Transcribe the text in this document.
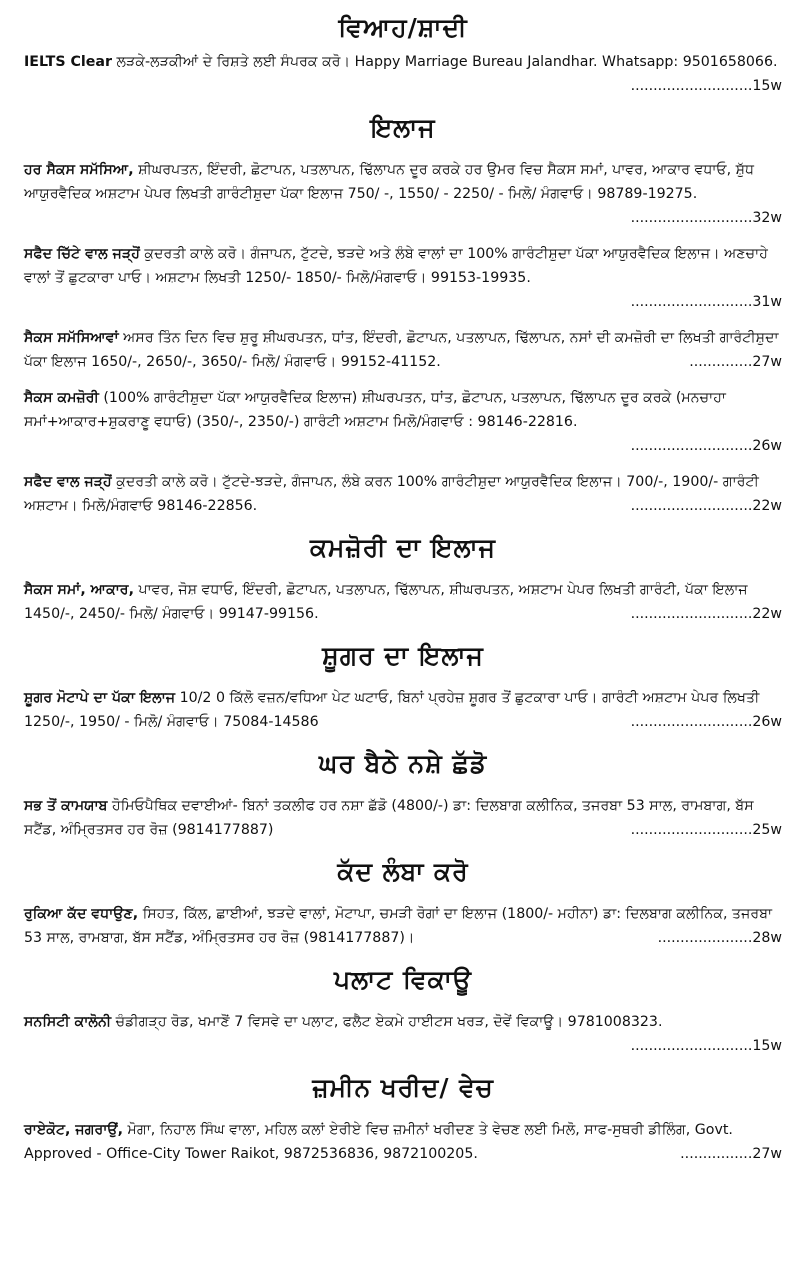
ਵਿਆਹ/ਸ਼ਾਦੀ
IELTS Clear ਲੜਕੇ-ਲੜਕੀਆਂ ਦੇ ਰਿਸ਼ਤੇ ਲਈ ਸੰਪਰਕ ਕਰੋ। Happy Marriage Bureau Jalandhar. Whatsapp: 9501658066.
...........................15w
ਇਲਾਜ
ਹਰ ਸੈਕਸ ਸਮੱਸਿਆ, ਸ਼ੀਘਰਪਤਨ, ਇੰਦਰੀ, ਛੋਟਾਪਨ, ਪਤਲਾਪਨ, ਢਿੱਲਾਪਨ ਦੂਰ ਕਰਕੇ ਹਰ ਉਮਰ ਵਿਚ ਸੈਕਸ ਸਮਾਂ, ਪਾਵਰ, ਆਕਾਰ ਵਧਾਓ, ਸ਼ੁੱਧ ਆਯੁਰਵੈਦਿਕ ਅਸ਼ਟਾਮ ਪੇਪਰ ਲਿਖਤੀ ਗਾਰੰਟੀਸ਼ੁਦਾ ਪੱਕਾ ਇਲਾਜ 750/ -, 1550/ - 2250/ - ਮਿਲੋ/ ਮੰਗਵਾਓ। 98789-19275.
...........................32w
ਸਫੈਦ ਚਿੱਟੇ ਵਾਲ ਜੜ੍ਹੋਂ ਕੁਦਰਤੀ ਕਾਲੇ ਕਰੋ। ਗੰਜਾਪਨ, ਟੁੱਟਦੇ, ਝੜਦੇ ਅਤੇ ਲੰਬੇ ਵਾਲਾਂ ਦਾ 100% ਗਾਰੰਟੀਸ਼ੁਦਾ ਪੱਕਾ ਆਯੁਰਵੈਦਿਕ ਇਲਾਜ। ਅਣਚਾਹੇ ਵਾਲਾਂ ਤੋਂ ਛੁਟਕਾਰਾ ਪਾਓ। ਅਸ਼ਟਾਮ ਲਿਖਤੀ 1250/- 1850/- ਮਿਲੋ/ਮੰਗਵਾਓ। 99153-19935.
...........................31w
ਸੈਕਸ ਸਮੱਸਿਆਵਾਂ ਅਸਰ ਤਿੰਨ ਦਿਨ ਵਿਚ ਸ਼ੁਰੂ ਸ਼ੀਘਰਪਤਨ, ਧਾਂਤ, ਇੰਦਰੀ, ਛੋਟਾਪਨ, ਪਤਲਾਪਨ, ਢਿੱਲਾਪਨ, ਨਸਾਂ ਦੀ ਕਮਜ਼ੋਰੀ ਦਾ ਲਿਖਤੀ ਗਾਰੰਟੀਸ਼ੁਦਾ ਪੱਕਾ ਇਲਾਜ 1650/-, 2650/-, 3650/- ਮਿਲੋ/ ਮੰਗਵਾਓ। 99152-41152.	..............27w
ਸੈਕਸ ਕਮਜ਼ੋਰੀ (100% ਗਾਰੰਟੀਸ਼ੁਦਾ ਪੱਕਾ ਆਯੁਰਵੈਦਿਕ ਇਲਾਜ) ਸ਼ੀਘਰਪਤਨ, ਧਾਂਤ, ਛੋਟਾਪਨ, ਪਤਲਾਪਨ, ਢਿੱਲਾਪਨ ਦੂਰ ਕਰਕੇ (ਮਨਚਾਹਾ ਸਮਾਂ+ਆਕਾਰ+ਸ਼ੁਕਰਾਣੂ ਵਧਾਓ) (350/-, 2350/-) ਗਾਰੰਟੀ ਅਸ਼ਟਾਮ ਮਿਲੋ/ਮੰਗਵਾਓ : 98146-22816.
...........................26w
ਸਫੈਦ ਵਾਲ ਜੜ੍ਹੋਂ ਕੁਦਰਤੀ ਕਾਲੇ ਕਰੋ। ਟੁੱਟਦੇ-ਝੜਦੇ, ਗੰਜਾਪਨ, ਲੰਬੇ ਕਰਨ 100% ਗਾਰੰਟੀਸ਼ੁਦਾ ਆਯੁਰਵੈਦਿਕ ਇਲਾਜ। 700/-, 1900/- ਗਾਰੰਟੀ ਅਸ਼ਟਾਮ। ਮਿਲੋ/ਮੰਗਵਾਓ 98146-22856.	...........................22w
ਕਮਜ਼ੋਰੀ ਦਾ ਇਲਾਜ
ਸੈਕਸ ਸਮਾਂ, ਆਕਾਰ, ਪਾਵਰ, ਜੋਸ਼ ਵਧਾਓ, ਇੰਦਰੀ, ਛੋਟਾਪਨ, ਪਤਲਾਪਨ, ਢਿੱਲਾਪਨ, ਸ਼ੀਘਰਪਤਨ, ਅਸ਼ਟਾਮ ਪੇਪਰ ਲਿਖਤੀ ਗਾਰੰਟੀ, ਪੱਕਾ ਇਲਾਜ 1450/-, 2450/- ਮਿਲੋ/ ਮੰਗਵਾਓ। 99147-99156.	...........................22w
ਸ਼ੂਗਰ ਦਾ ਇਲਾਜ
ਸ਼ੂਗਰ ਮੋਟਾਪੇ ਦਾ ਪੱਕਾ ਇਲਾਜ 10/2 0 ਕਿੱਲੋ ਵਜ਼ਨ/ਵਧਿਆ ਪੇਟ ਘਟਾਓ, ਬਿਨਾਂ ਪ੍ਰਹੇਜ਼ ਸ਼ੂਗਰ ਤੋਂ ਛੁਟਕਾਰਾ ਪਾਓ। ਗਾਰੰਟੀ ਅਸ਼ਟਾਮ ਪੇਪਰ ਲਿਖਤੀ 1250/-, 1950/ - ਮਿਲੋ/ ਮੰਗਵਾਓ। 75084-14586	...........................26w
ਘਰ ਬੈਠੇ ਨਸ਼ੇ ਛੱਡੋ
ਸਭ ਤੋਂ ਕਾਮਯਾਬ ਹੋਮਿਓਪੈਥਿਕ ਦਵਾਈਆਂ- ਬਿਨਾਂ ਤਕਲੀਫ ਹਰ ਨਸ਼ਾ ਛੱਡੋ (4800/-) ਡਾ: ਦਿਲਬਾਗ ਕਲੀਨਿਕ, ਤਜਰਬਾ 53 ਸਾਲ, ਰਾਮਬਾਗ, ਬੱਸ ਸਟੈਂਡ, ਅੰਮ੍ਰਿਤਸਰ ਹਰ ਰੋਜ਼ (9814177887)	...........................25w
ਕੱਦ ਲੰਬਾ ਕਰੋ
ਰੁਕਿਆ ਕੱਦ ਵਧਾਉਣ, ਸਿਹਤ, ਕਿੱਲ, ਛਾਈਆਂ, ਝੜਦੇ ਵਾਲਾਂ, ਮੋਟਾਪਾ, ਚਮੜੀ ਰੋਗਾਂ ਦਾ ਇਲਾਜ (1800/- ਮਹੀਨਾ) ਡਾ: ਦਿਲਬਾਗ ਕਲੀਨਿਕ, ਤਜਰਬਾ 53 ਸਾਲ, ਰਾਮਬਾਗ, ਬੱਸ ਸਟੈਂਡ, ਅੰਮ੍ਰਿਤਸਰ ਹਰ ਰੋਜ਼ (9814177887)।	.....................28w
ਪਲਾਟ ਵਿਕਾਊ
ਸਨਸਿਟੀ ਕਾਲੋਨੀ ਚੰਡੀਗੜ੍ਹ ਰੋਡ, ਖਮਾਣੋਂ 7 ਵਿਸਵੇ ਦਾ ਪਲਾਟ, ਫਲੈਟ ਏਕਮੇ ਹਾਈਟਸ ਖਰੜ, ਦੋਵੇਂ ਵਿਕਾਊ। 9781008323.
...........................15w
ਜ਼ਮੀਨ ਖਰੀਦ/ ਵੇਚ
ਰਾਏਕੋਟ, ਜਗਰਾਉਂ, ਮੋਗਾ, ਨਿਹਾਲ ਸਿੰਘ ਵਾਲਾ, ਮਹਿਲ ਕਲਾਂ ਏਰੀਏ ਵਿਚ ਜ਼ਮੀਨਾਂ ਖਰੀਦਣ ਤੇ ਵੇਚਣ ਲਈ ਮਿਲੋ, ਸਾਫ-ਸੁਥਰੀ ਡੀਲਿੰਗ, Govt. Approved - Office-City Tower Raikot, 9872536836, 9872100205.	................27w
